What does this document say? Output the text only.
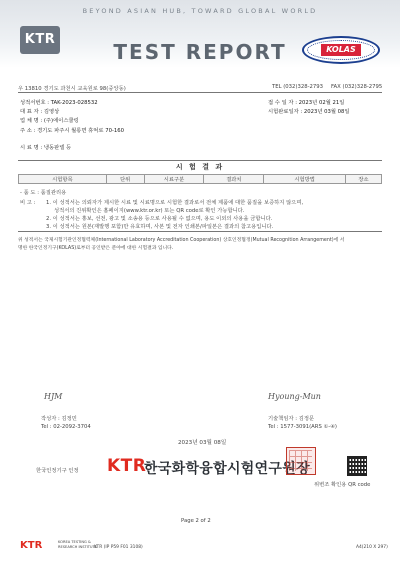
BEYOND ASIAN HUB, TOWARD GLOBAL WORLD
KTR
TEST REPORT	KOLAS
우 13810 경기도 과천시 교육원로 98(중앙동)	TEL (032)328-2793 FAX (032)328-2795
성적서번호 : TAK-2023-028532	접 수 일 자 : 2023년 02월 21일
대 표 자 : 김영상	시험완료일자 : 2023년 03월 08일
업 체 명 : (주)에이스쿨링
주 소 : 경기도 파주시 월롱면 휴억로 70-160
시 료 명 : 냉동판넬 등
시 험 결 과
시험항목	단위	시료구분	결과치	시험방법	장소
- 품 도 : 품질관리용
비 고 : 1. 이 성적서는 의뢰자가 제시한 시료 및 시료명으로 시험한 결과로서 전체 제품에 대한 품질을 보증하지 않으며,
성적서의 진위확인은 홈페이지(www.ktr.or.kr) 또는 QR code로 확인 가능합니다.
2. 이 성적서는 홍보, 선전, 광고 및 소송용 등으로 사용될 수 없으며, 용도 이외의 사용을 금합니다.
3. 이 성적서는 원본(재발행 포함)만 유효하며, 사본 및 전자 인쇄본/파일본은 결과의 참고용입니다.
위 성적서는 국제시험기관인정협력체(International Laboratory Accreditation Cooperation) 상호인정협정(Mutual Recognition Arrangement)에 서
명한 한국인정기구(KOLAS)로부터 공인받은 분야에 대한 시험결과 입니다.
HJM	Hyoung-Mun
작성자 : 김정민
Tel : 02-2092-3704
기술책임자 : 김정문
Tel : 1577-3091(ARS ①-④)
2023년 03월 08일
한국인정기구 인정 KTR
한국화학융합시험연구원장
위변조 확인용 QR code
Page 2 of 2
KTR	KOREA TESTING &
RESEARCH INSTITUTE
KTR (IP P59 F01 3108)	A4(210 X 297)
